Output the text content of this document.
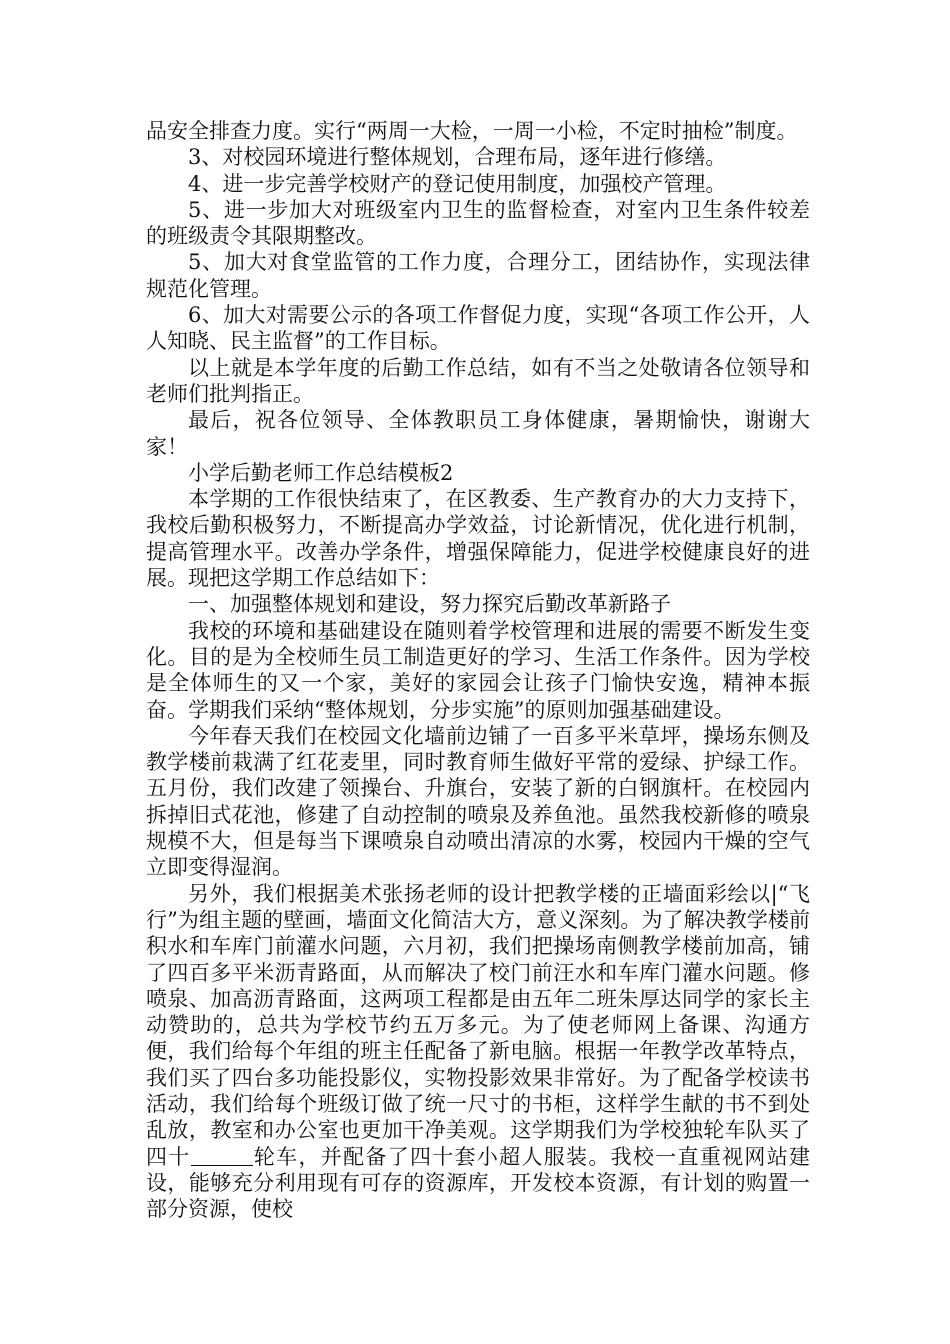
品安全排查力度。实行“两周一大检，一周一小检，不定时抽检”制度。

3、对校园环境进行整体规划，合理布局，逐年进行修缮。

4、进一步完善学校财产的登记使用制度，加强校产管理。

5、进一步加大对班级室内卫生的监督检查，对室内卫生条件较差的班级责令其限期整改。

5、加大对食堂监管的工作力度，合理分工，团结协作，实现法律规范化管理。

6、加大对需要公示的各项工作督促力度，实现“各项工作公开，人人知晓、民主监督”的工作目标。

以上就是本学年度的后勤工作总结，如有不当之处敬请各位领导和老师们批判指正。

最后，祝各位领导、全体教职员工身体健康，暑期愉快，谢谢大家！

小学后勤老师工作总结模板2

本学期的工作很快结束了，在区教委、生产教育办的大力支持下，我校后勤积极努力，不断提高办学效益，讨论新情况，优化进行机制，提高管理水平。改善办学条件，增强保障能力，促进学校健康良好的进展。现把这学期工作总结如下：

一、加强整体规划和建设，努力探究后勤改革新路子

我校的环境和基础建设在随则着学校管理和进展的需要不断发生变化。目的是为全校师生员工制造更好的学习、生活工作条件。因为学校是全体师生的又一个家，美好的家园会让孩子门愉快安逸，精神本振奋。学期我们采纳“整体规划，分步实施”的原则加强基础建设。

今年春天我们在校园文化墙前边铺了一百多平米草坪，操场东侧及教学楼前栽满了红花麦里，同时教育师生做好平常的爱绿、护绿工作。五月份，我们改建了领操台、升旗台，安装了新的白钢旗杆。在校园内拆掉旧式花池，修建了自动控制的喷泉及养鱼池。虽然我校新修的喷泉规模不大，但是每当下课喷泉自动喷出清凉的水雾，校园内干燥的空气立即变得湿润。

另外，我们根据美术张扬老师的设计把教学楼的正墙面彩绘以|“飞行”为组主题的壁画，墙面文化简洁大方，意义深刻。为了解决教学楼前积水和车库门前灌水问题，六月初，我们把操场南侧教学楼前加高，铺了四百多平米沥青路面，从而解决了校门前汪水和车库门灌水问题。修喷泉、加高沥青路面，这两项工程都是由五年二班朱厚达同学的家长主动赞助的，总共为学校节约五万多元。为了使老师网上备课、沟通方便，我们给每个年组的班主任配备了新电脑。根据一年教学改革特点，我们买了四台多功能投影仪，实物投影效果非常好。为了配备学校读书活动，我们给每个班级订做了统一尺寸的书柜，这样学生献的书不到处乱放，教室和办公室也更加干净美观。这学期我们为学校独轮车队买了四十	轮车，并配备了四十套小超人服装。我校一直重视网站建设，能够充分利用现有可存的资源库，开发校本资源，有计划的购置一部分资源，使校
